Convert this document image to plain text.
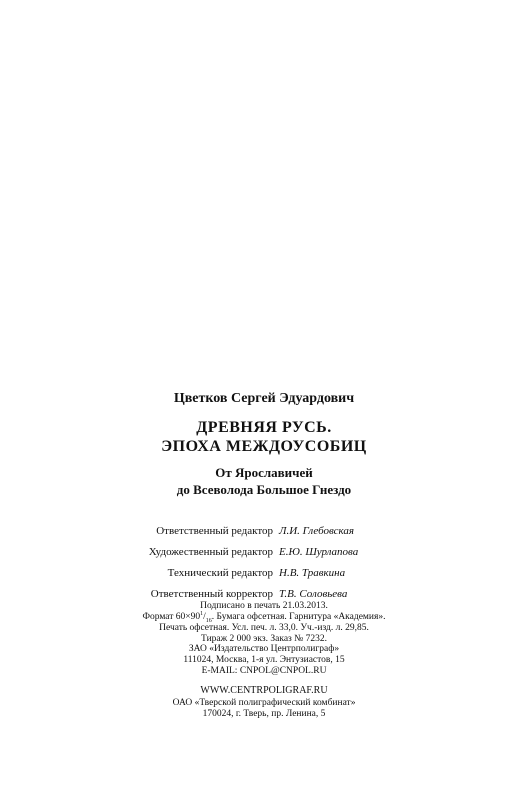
Цветков Сергей Эдуардович
ДРЕВНЯЯ РУСЬ.
ЭПОХА МЕЖДОУСОБИЦ
От Ярославичей
до Всеволода Большое Гнездо
Ответственный редактор Л.И. Глебовская
Художественный редактор Е.Ю. Шурлапова
Технический редактор Н.В. Травкина
Ответственный корректор Т.В. Соловьева
Подписано в печать 21.03.2013.
Формат $60\times 90^1/_{16}$. Бумага офсетная. Гарнитура «Академия».
Печать офсетная. Усл. печ. л. 33,0. Уч.-изд. л. 29,85.
Тираж 2 000 экз. Заказ № 7232.
ЗАО «Издательство Центрполиграф»
111024, Москва, 1-я ул. Энтузиастов, 15
E-MAIL: CNPOL@CNPOL.RU
WWW.CENTRPOLIGRAF.RU
ОАО «Тверской полиграфический комбинат»
170024, г. Тверь, пр. Ленина, 5
